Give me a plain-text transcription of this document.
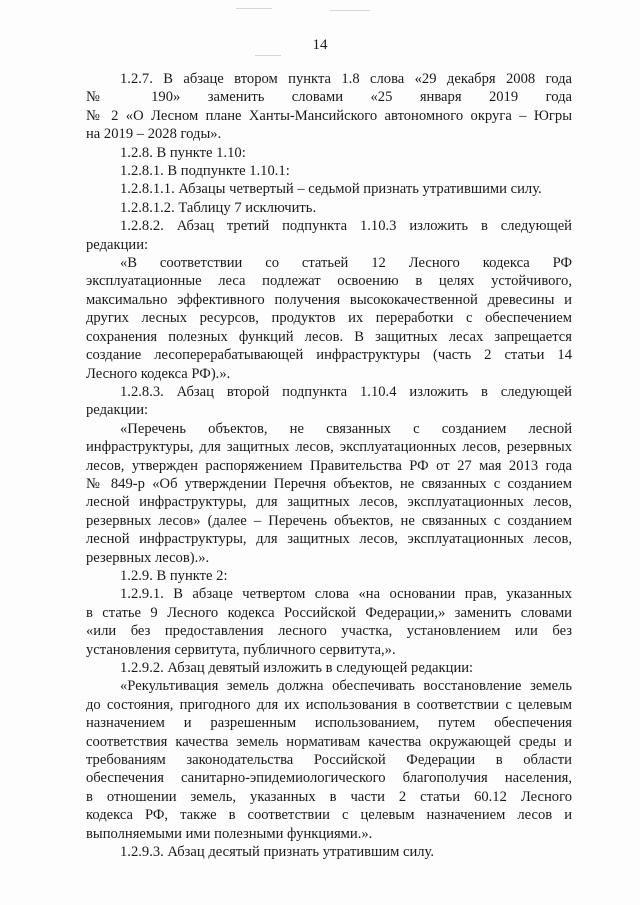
14
1.2.7. В абзаце втором пункта 1.8 слова «29 декабря 2008 года
№ 190» заменить словами «25 января 2019 года
№ 2 «О Лесном плане Ханты-Мансийского автономного округа – Югры
на 2019 – 2028 годы».
1.2.8. В пункте 1.10:
1.2.8.1. В подпункте 1.10.1:
1.2.8.1.1. Абзацы четвертый – седьмой признать утратившими силу.
1.2.8.1.2. Таблицу 7 исключить.
1.2.8.2. Абзац третий подпункта 1.10.3 изложить в следующей
редакции:
«В соответствии со статьей 12 Лесного кодекса РФ
эксплуатационные леса подлежат освоению в целях устойчивого,
максимально эффективного получения высококачественной древесины и
других лесных ресурсов, продуктов их переработки с обеспечением
сохранения полезных функций лесов. В защитных лесах запрещается
создание лесоперерабатывающей инфраструктуры (часть 2 статьи 14
Лесного кодекса РФ).».
1.2.8.3. Абзац второй подпункта 1.10.4 изложить в следующей
редакции:
«Перечень объектов, не связанных с созданием лесной
инфраструктуры, для защитных лесов, эксплуатационных лесов, резервных
лесов, утвержден распоряжением Правительства РФ от 27 мая 2013 года
№ 849-р «Об утверждении Перечня объектов, не связанных с созданием
лесной инфраструктуры, для защитных лесов, эксплуатационных лесов,
резервных лесов» (далее – Перечень объектов, не связанных с созданием
лесной инфраструктуры, для защитных лесов, эксплуатационных лесов,
резервных лесов).».
1.2.9. В пункте 2:
1.2.9.1. В абзаце четвертом слова «на основании прав, указанных
в статье 9 Лесного кодекса Российской Федерации,» заменить словами
«или без предоставления лесного участка, установлением или без
установления сервитута, публичного сервитута,».
1.2.9.2. Абзац девятый изложить в следующей редакции:
«Рекультивация земель должна обеспечивать восстановление земель
до состояния, пригодного для их использования в соответствии с целевым
назначением и разрешенным использованием, путем обеспечения
соответствия качества земель нормативам качества окружающей среды и
требованиям законодательства Российской Федерации в области
обеспечения санитарно-эпидемиологического благополучия населения,
в отношении земель, указанных в части 2 статьи 60.12 Лесного
кодекса РФ, также в соответствии с целевым назначением лесов и
выполняемыми ими полезными функциями.».
1.2.9.3. Абзац десятый признать утратившим силу.
